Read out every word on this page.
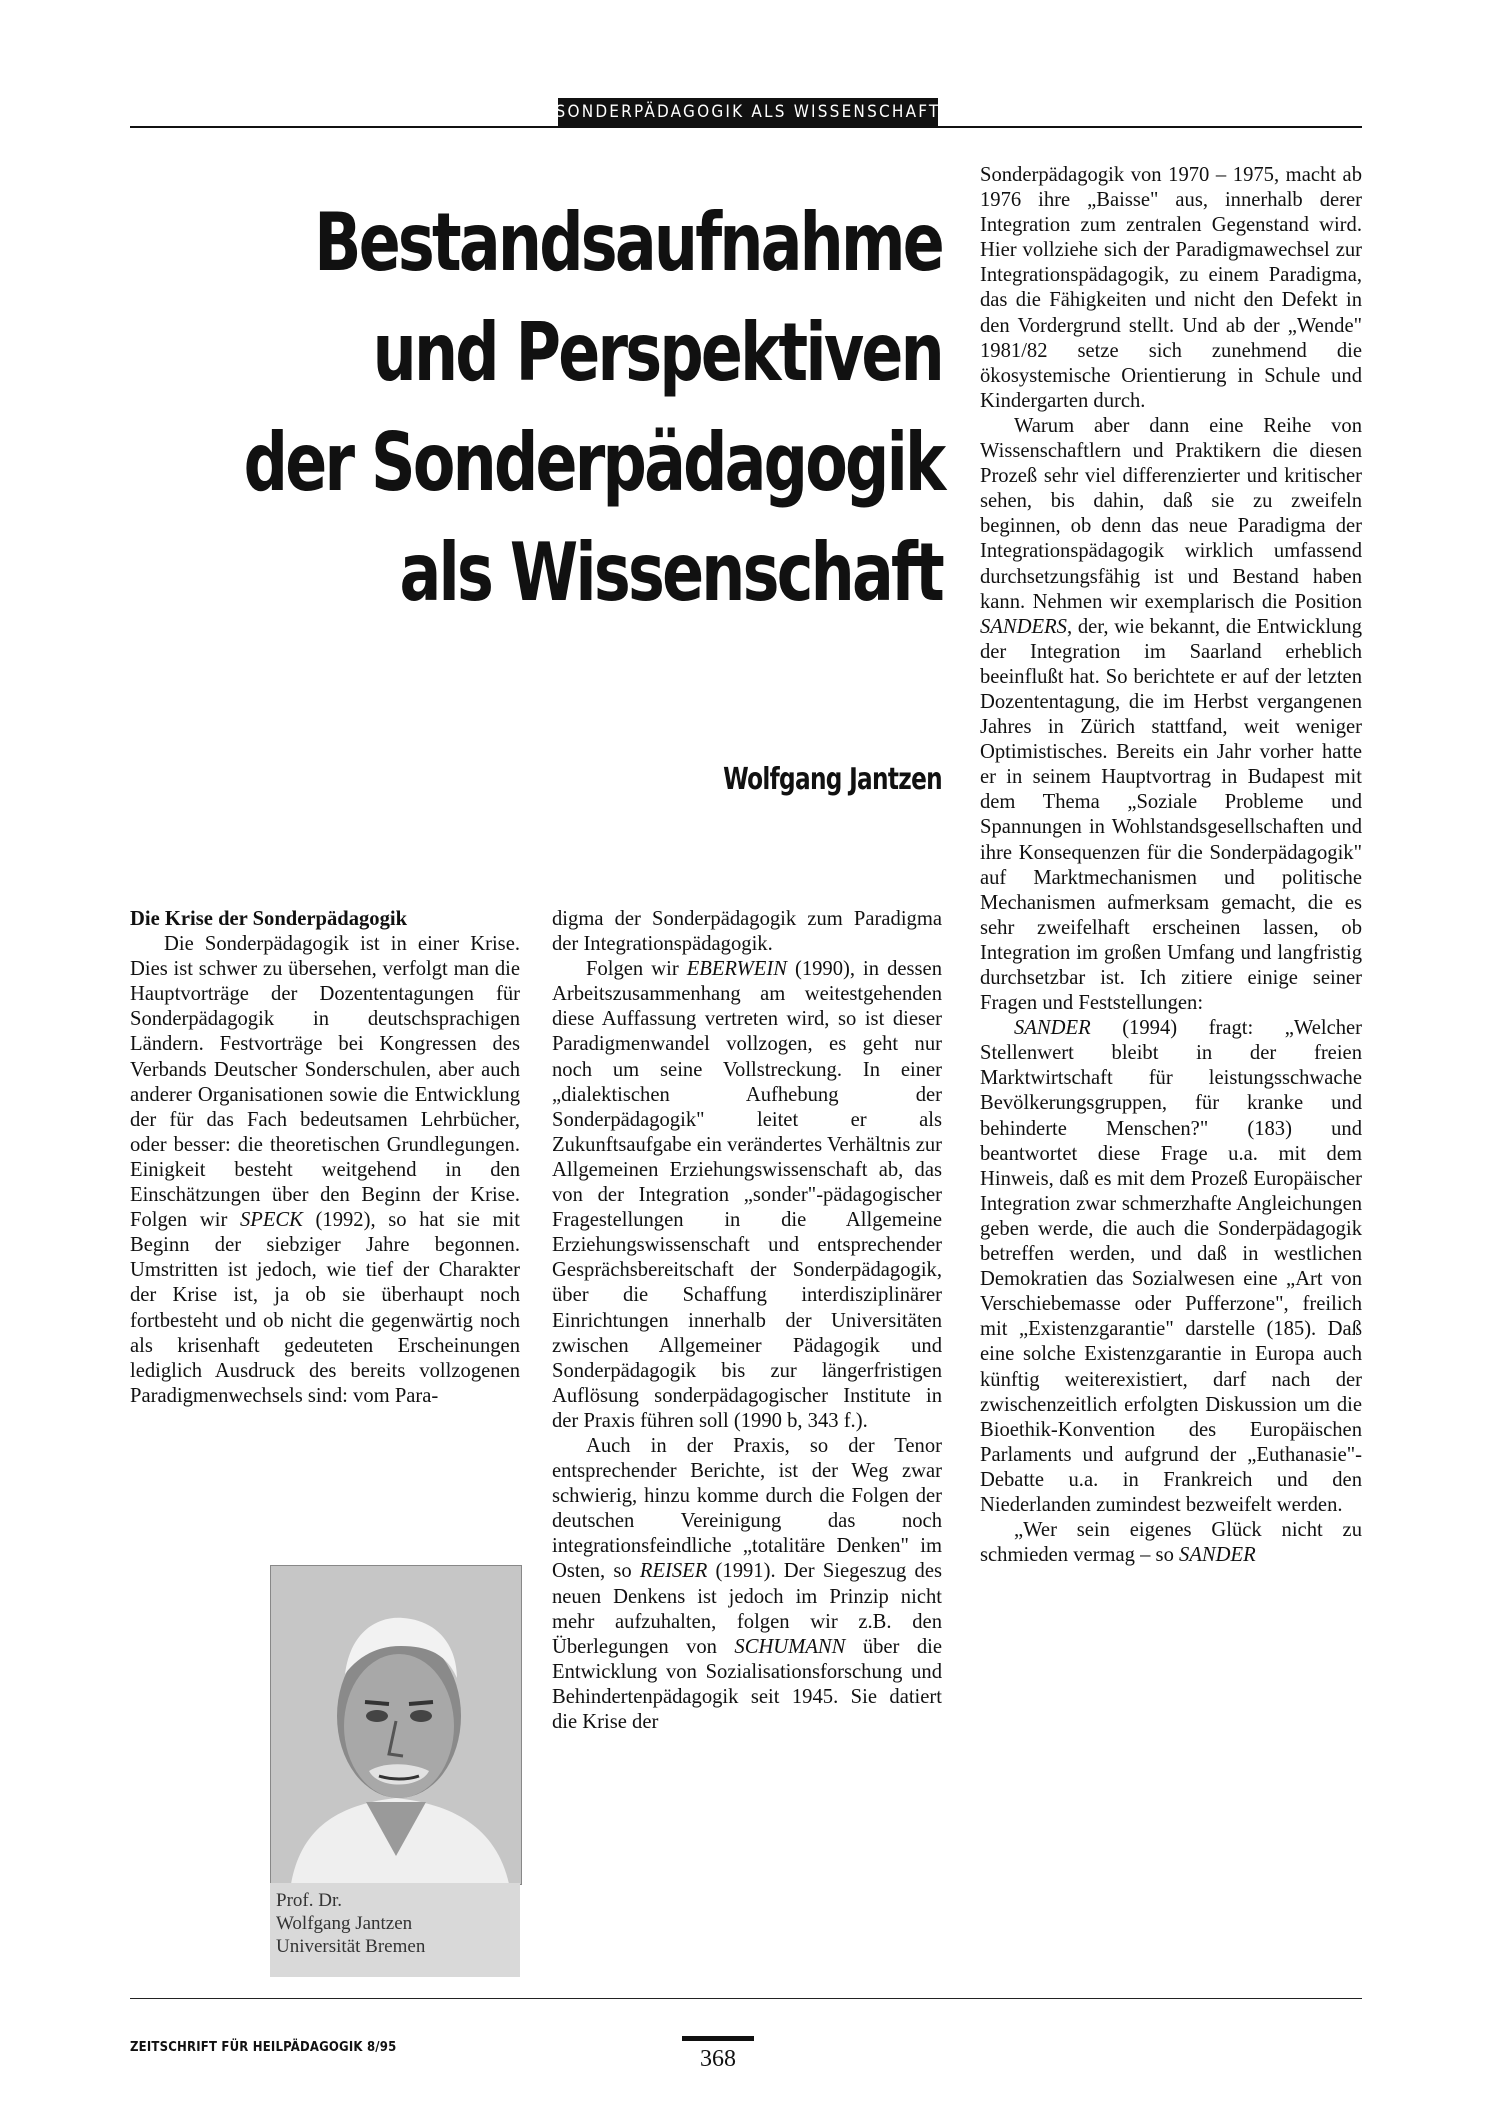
SONDERPÄDAGOGIK ALS WISSENSCHAFT
Bestandsaufnahme
und Perspektiven
der Sonderpädagogik
als Wissenschaft
Wolfgang Jantzen
Die Krise der Sonderpädagogik

Die Sonderpädagogik ist in einer Krise. Dies ist schwer zu übersehen, verfolgt man die Hauptvorträge der Dozententagungen für Sonderpädagogik in deutschsprachigen Ländern. Festvorträge bei Kongressen des Verbands Deutscher Sonderschulen, aber auch anderer Organisationen sowie die Entwicklung der für das Fach bedeutsamen Lehrbücher, oder besser: die theoretischen Grundlegungen. Einigkeit besteht weitgehend in den Einschätzungen über den Beginn der Krise. Folgen wir SPECK (1992), so hat sie mit Beginn der siebziger Jahre begonnen. Umstritten ist jedoch, wie tief der Charakter der Krise ist, ja ob sie überhaupt noch fortbesteht und ob nicht die gegenwärtig noch als krisenhaft gedeuteten Erscheinungen lediglich Ausdruck des bereits vollzogenen Paradigmenwechsels sind: vom Para-

Prof. Dr.
Wolfgang Jantzen
Universität Bremen

digma der Sonderpädagogik zum Paradigma der Integrationspädagogik.

Folgen wir EBERWEIN (1990), in dessen Arbeitszusammenhang am weitestgehenden diese Auffassung vertreten wird, so ist dieser Paradigmenwandel vollzogen, es geht nur noch um seine Vollstreckung. In einer „dialektischen Aufhebung der Sonderpädagogik" leitet er als Zukunftsaufgabe ein verändertes Verhältnis zur Allgemeinen Erziehungswissenschaft ab, das von der Integration „sonder"-pädagogischer Fragestellungen in die Allgemeine Erziehungswissenschaft und entsprechender Gesprächsbereitschaft der Sonderpädagogik, über die Schaffung interdisziplinärer Einrichtungen innerhalb der Universitäten zwischen Allgemeiner Pädagogik und Sonderpädagogik bis zur längerfristigen Auflösung sonderpädagogischer Institute in der Praxis führen soll (1990 b, 343 f.).

Auch in der Praxis, so der Tenor entsprechender Berichte, ist der Weg zwar schwierig, hinzu komme durch die Folgen der deutschen Vereinigung das noch integrationsfeindliche „totalitäre Denken" im Osten, so REISER (1991). Der Siegeszug des neuen Denkens ist jedoch im Prinzip nicht mehr aufzuhalten, folgen wir z.B. den Überlegungen von SCHUMANN über die Entwicklung von Sozialisationsforschung und Behindertenpädagogik seit 1945. Sie datiert die Krise der

Sonderpädagogik von 1970 – 1975, macht ab 1976 ihre „Baisse" aus, innerhalb derer Integration zum zentralen Gegenstand wird. Hier vollziehe sich der Paradigmawechsel zur Integrationspädagogik, zu einem Paradigma, das die Fähigkeiten und nicht den Defekt in den Vordergrund stellt. Und ab der „Wende" 1981/82 setze sich zunehmend die ökosystemische Orientierung in Schule und Kindergarten durch.

Warum aber dann eine Reihe von Wissenschaftlern und Praktikern die diesen Prozeß sehr viel differenzierter und kritischer sehen, bis dahin, daß sie zu zweifeln beginnen, ob denn das neue Paradigma der Integrationspädagogik wirklich umfassend durchsetzungsfähig ist und Bestand haben kann. Nehmen wir exemplarisch die Position SANDERS, der, wie bekannt, die Entwicklung der Integration im Saarland erheblich beeinflußt hat. So berichtete er auf der letzten Dozententagung, die im Herbst vergangenen Jahres in Zürich stattfand, weit weniger Optimistisches. Bereits ein Jahr vorher hatte er in seinem Hauptvortrag in Budapest mit dem Thema „Soziale Probleme und Spannungen in Wohlstandsgesellschaften und ihre Konsequenzen für die Sonderpädagogik" auf Marktmechanismen und politische Mechanismen aufmerksam gemacht, die es sehr zweifelhaft erscheinen lassen, ob Integration im großen Umfang und langfristig durchsetzbar ist. Ich zitiere einige seiner Fragen und Feststellungen:

SANDER (1994) fragt: „Welcher Stellenwert bleibt in der freien Marktwirtschaft für leistungsschwache Bevölkerungsgruppen, für kranke und behinderte Menschen?" (183) und beantwortet diese Frage u.a. mit dem Hinweis, daß es mit dem Prozeß Europäischer Integration zwar schmerzhafte Angleichungen geben werde, die auch die Sonderpädagogik betreffen werden, und daß in westlichen Demokratien das Sozialwesen eine „Art von Verschiebemasse oder Pufferzone", freilich mit „Existenzgarantie" darstelle (185). Daß eine solche Existenzgarantie in Europa auch künftig weiterexistiert, darf nach der zwischenzeitlich erfolgten Diskussion um die Bioethik-Konvention des Europäischen Parlaments und aufgrund der „Euthanasie"-Debatte u.a. in Frankreich und den Niederlanden zumindest bezweifelt werden.

„Wer sein eigenes Glück nicht zu schmieden vermag – so SANDER

ZEITSCHRIFT FÜR HEILPÄDAGOGIK 8/95	368
